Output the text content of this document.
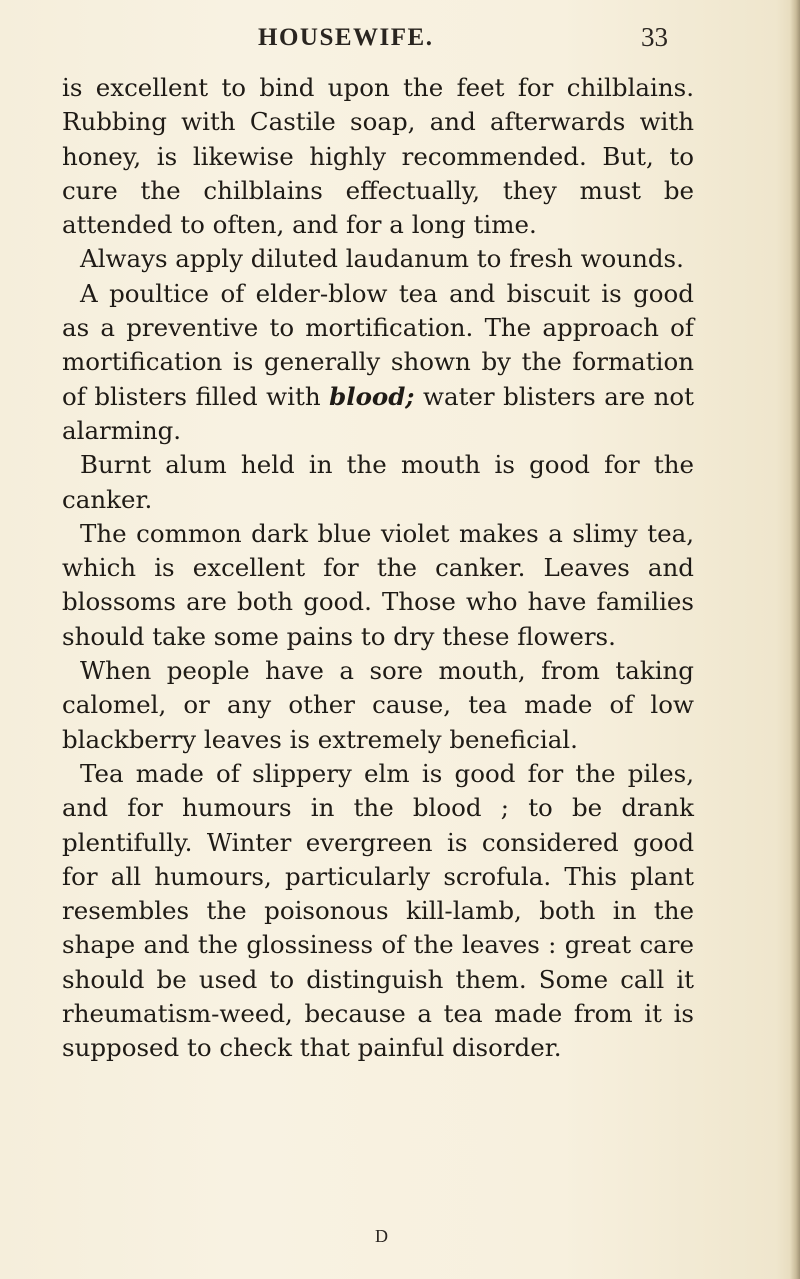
HOUSEWIFE.	33

is excellent to bind upon the feet for chilblains. Rubbing with Castile soap, and afterwards with honey, is likewise highly recommended. But, to cure the chilblains effectually, they must be attended to often, and for a long time.

Always apply diluted laudanum to fresh wounds.

A poultice of elder-blow tea and biscuit is good as a preventive to mortification. The approach of mortification is generally shown by the formation of blisters filled with blood; water blisters are not alarming.

Burnt alum held in the mouth is good for the canker.

The common dark blue violet makes a slimy tea, which is excellent for the canker. Leaves and blossoms are both good. Those who have families should take some pains to dry these flowers.

When people have a sore mouth, from taking calomel, or any other cause, tea made of low blackberry leaves is extremely beneficial.

Tea made of slippery elm is good for the piles, and for humours in the blood ; to be drank plentifully. Winter evergreen is considered good for all humours, particularly scrofula. This plant resembles the poisonous kill-lamb, both in the shape and the glossiness of the leaves : great care should be used to distinguish them. Some call it rheumatism-weed, because a tea made from it is supposed to check that painful disorder.

D
